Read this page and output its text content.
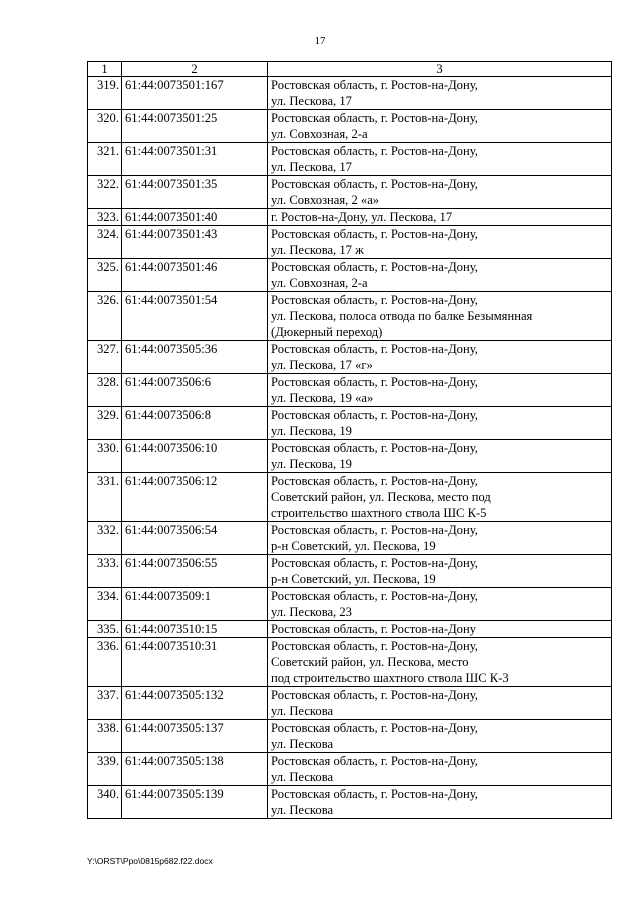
17
1	2	3
319.	61:44:0073501:167	Ростовская область, г. Ростов-на-Дону,
ул. Пескова, 17

320.	61:44:0073501:25	Ростовская область, г. Ростов-на-Дону,
ул. Совхозная, 2-а

321.	61:44:0073501:31	Ростовская область, г. Ростов-на-Дону,
ул. Пескова, 17

322.	61:44:0073501:35	Ростовская область, г. Ростов-на-Дону,
ул. Совхозная, 2 «а»

323.	61:44:0073501:40	г. Ростов-на-Дону, ул. Пескова, 17

324.	61:44:0073501:43	Ростовская область, г. Ростов-на-Дону,
ул. Пескова, 17 ж

325.	61:44:0073501:46	Ростовская область, г. Ростов-на-Дону,
ул. Совхозная, 2-а

326.	61:44:0073501:54	Ростовская область, г. Ростов-на-Дону,
ул. Пескова, полоса отвода по балке Безымянная
(Дюкерный переход)

327.	61:44:0073505:36	Ростовская область, г. Ростов-на-Дону,
ул. Пескова, 17 «г»

328.	61:44:0073506:6	Ростовская область, г. Ростов-на-Дону,
ул. Пескова, 19 «а»

329.	61:44:0073506:8	Ростовская область, г. Ростов-на-Дону,
ул. Пескова, 19

330.	61:44:0073506:10	Ростовская область, г. Ростов-на-Дону,
ул. Пескова, 19

331.	61:44:0073506:12	Ростовская область, г. Ростов-на-Дону,
Советский район, ул. Пескова, место под
строительство шахтного ствола ШС К-5

332.	61:44:0073506:54	Ростовская область, г. Ростов-на-Дону,
р-н Советский, ул. Пескова, 19

333.	61:44:0073506:55	Ростовская область, г. Ростов-на-Дону,
р-н Советский, ул. Пескова, 19

334.	61:44:0073509:1	Ростовская область, г. Ростов-на-Дону,
ул. Пескова, 23

335.	61:44:0073510:15	Ростовская область, г. Ростов-на-Дону

336.	61:44:0073510:31	Ростовская область, г. Ростов-на-Дону,
Советский район, ул. Пескова, место
под строительство шахтного ствола ШС К-3

337.	61:44:0073505:132	Ростовская область, г. Ростов-на-Дону,
ул. Пескова

338.	61:44:0073505:137	Ростовская область, г. Ростов-на-Дону,
ул. Пескова

339.	61:44:0073505:138	Ростовская область, г. Ростов-на-Дону,
ул. Пескова

340.	61:44:0073505:139	Ростовская область, г. Ростов-на-Дону,
ул. Пескова
Y:\ORST\Ppo\0815p682.f22.docx
